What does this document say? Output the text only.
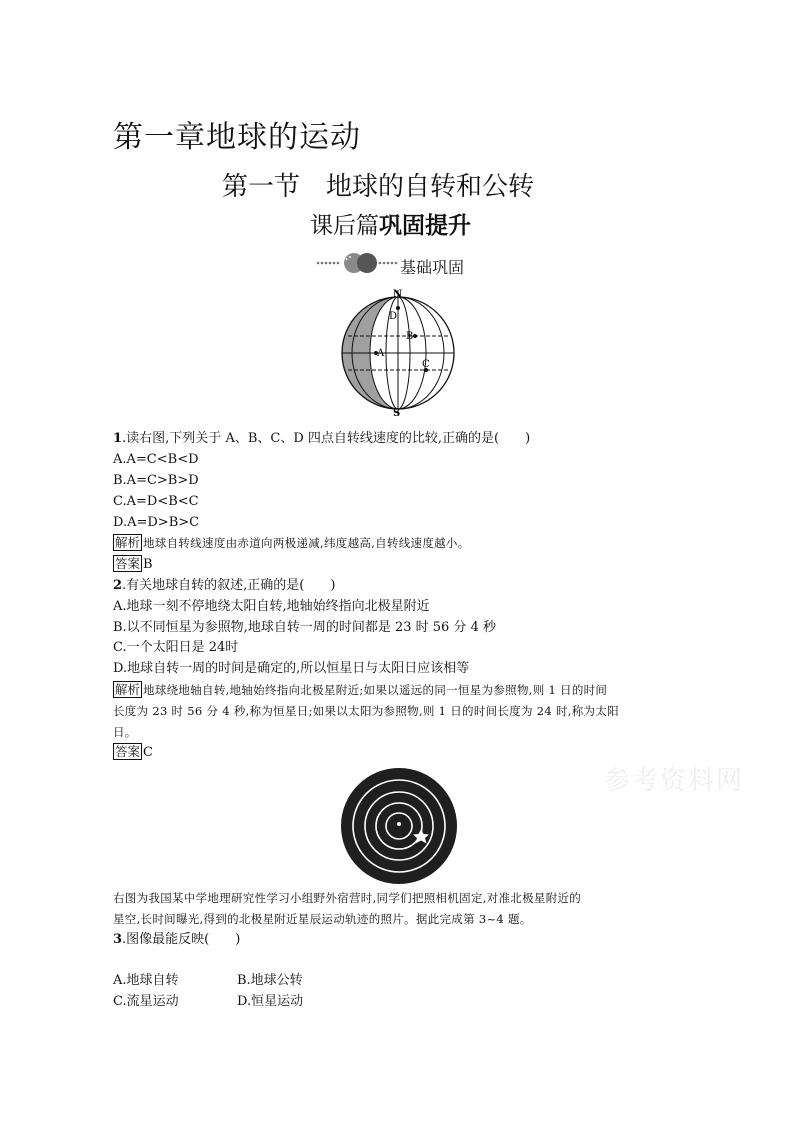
第一章地球的运动
第一节　地球的自转和公转
课后篇巩固提升
基础巩固
N
S
A
B
C
D
1.读右图,下列关于 A、B、C、D 四点自转线速度的比较,正确的是(　　)
A.A=C<B<D
B.A=C>B>D
C.A=D<B<C
D.A=D>B>C
解析 地球自转线速度由赤道向两极递减,纬度越高,自转线速度越小。
答案 B
2.有关地球自转的叙述,正确的是(　　)
A.地球一刻不停地绕太阳自转,地轴始终指向北极星附近
B.以不同恒星为参照物,地球自转一周的时间都是 23 时 56 分 4 秒
C.一个太阳日是 24时
D.地球自转一周的时间是确定的,所以恒星日与太阳日应该相等
解析 地球绕地轴自转,地轴始终指向北极星附近;如果以遥远的同一恒星为参照物,则 1 日的时间
长度为 23 时 56 分 4 秒,称为恒星日;如果以太阳为参照物,则 1 日的时间长度为 24 时,称为太阳
日。
答案 C
参考资料网
右图为我国某中学地理研究性学习小组野外宿营时,同学们把照相机固定,对准北极星附近的
星空,长时间曝光,得到的北极星附近星辰运动轨迹的照片。据此完成第 3~4 题。
3.图像最能反映(　　)
A.地球自转	B.地球公转
C.流星运动	D.恒星运动
